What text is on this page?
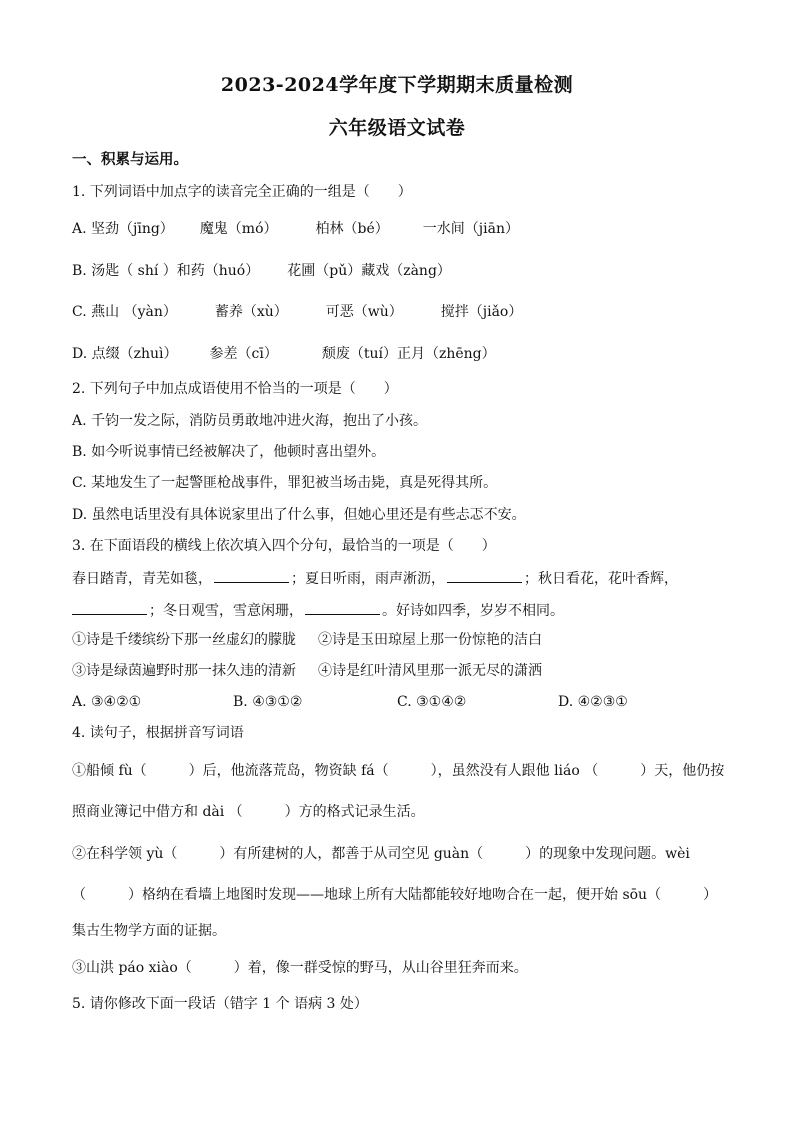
2023-2024学年度下学期期末质量检测
六年级语文试卷
一、积累与运用。
1. 下列词语中加点字的读音完全正确的一组是（　　）
A. 坚劲（jīng） 魔鬼（mó）	柏林（bé） 一水间（jiān）
B. 汤匙（ shí ）和药（huó） 花圃（pǔ）藏戏（zàng）
C. 燕山 （yàn）	蓄养（xù）	可恶（wù）	搅拌（jiǎo）
D. 点缀（zhuì） 参差（cī）	颓废（tuí）正月（zhēng）
2. 下列句子中加点成语使用不恰当的一项是（　　）
A. 千钧一发之际，消防员勇敢地冲进火海，抱出了小孩。
B. 如今听说事情已经被解决了，他顿时喜出望外。
C. 某地发生了一起警匪枪战事件，罪犯被当场击毙，真是死得其所。
D. 虽然电话里没有具体说家里出了什么事，但她心里还是有些忐忑不安。
3. 在下面语段的横线上依次填入四个分句，最恰当的一项是（　　）
春日踏青，青芜如毯，	；夏日听雨，雨声淅沥，	；秋日看花，花叶香辉，
；冬日观雪，雪意闲珊，	。好诗如四季，岁岁不相同。
①诗是千缕缤纷下那一丝虚幻的朦胧 ②诗是玉田琼屋上那一份惊艳的洁白
③诗是绿茵遍野时那一抹久违的清新 ④诗是红叶清风里那一派无尽的潇洒
A. ③④②①	B. ④③①②	C. ③①④②	D. ④②③①
4. 读句子，根据拼音写词语
①船倾 fù（　　　）后，他流落荒岛，物资缺 fá（　　　），虽然没有人跟他 liáo （　　　）天，他仍按
照商业簿记中借方和 dài （　　　）方的格式记录生活。
②在科学领 yù（　　　）有所建树的人，都善于从司空见 guàn（　　　）的现象中发现问题。wèi
（　　　）格纳在看墙上地图时发现——地球上所有大陆都能较好地吻合在一起，便开始 sōu（　　　）
集古生物学方面的证据。
③山洪 páo xiào（　　　）着，像一群受惊的野马，从山谷里狂奔而来。
5. 请你修改下面一段话（错字 1 个 语病 3 处）
